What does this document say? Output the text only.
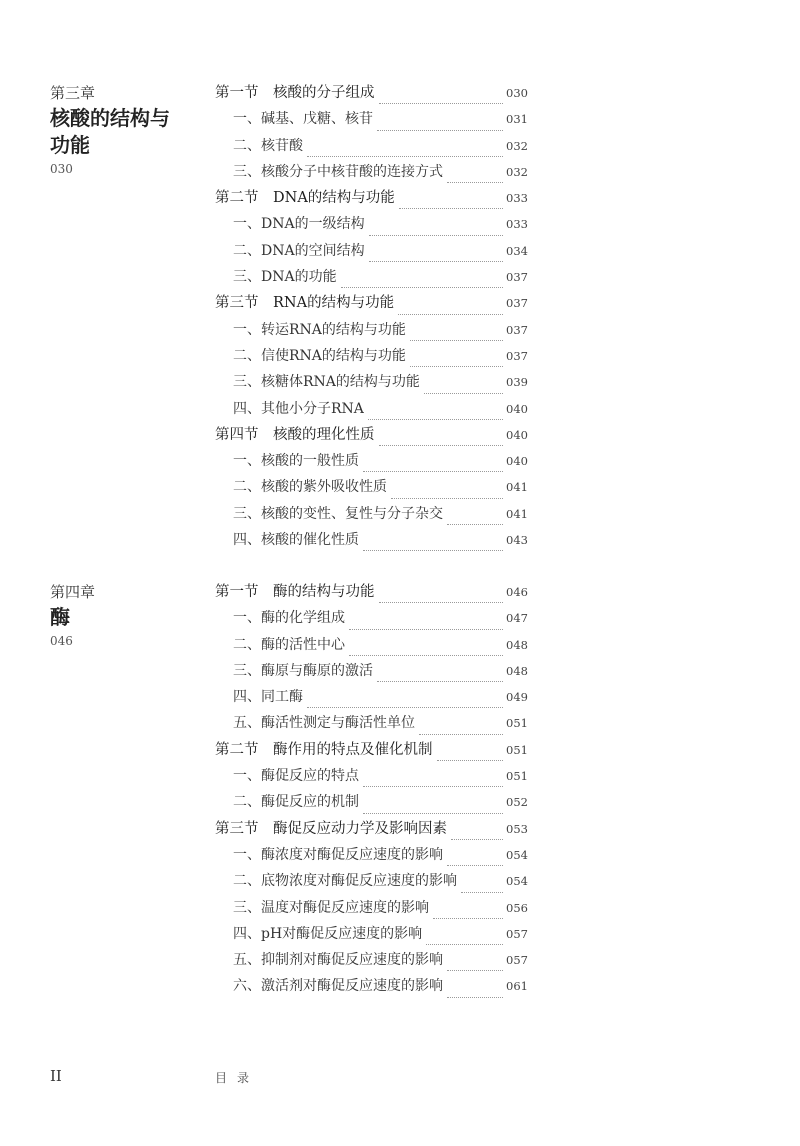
第三章
核酸的结构与
功能
030
第一节　核酸的分子组成	030
一、碱基、戊糖、核苷	031
二、核苷酸	032
三、核酸分子中核苷酸的连接方式	032
第二节　DNA的结构与功能	033
一、DNA的一级结构	033
二、DNA的空间结构	034
三、DNA的功能	037
第三节　RNA的结构与功能	037
一、转运RNA的结构与功能	037
二、信使RNA的结构与功能	037
三、核糖体RNA的结构与功能	039
四、其他小分子RNA	040
第四节　核酸的理化性质	040
一、核酸的一般性质	040
二、核酸的紫外吸收性质	041
三、核酸的变性、复性与分子杂交	041
四、核酸的催化性质	043
第四章
酶
046
第一节　酶的结构与功能	046
一、酶的化学组成	047
二、酶的活性中心	048
三、酶原与酶原的激活	048
四、同工酶	049
五、酶活性测定与酶活性单位	051
第二节　酶作用的特点及催化机制	051
一、酶促反应的特点	051
二、酶促反应的机制	052
第三节　酶促反应动力学及影响因素	053
一、酶浓度对酶促反应速度的影响	054
二、底物浓度对酶促反应速度的影响	054
三、温度对酶促反应速度的影响	056
四、pH对酶促反应速度的影响	057
五、抑制剂对酶促反应速度的影响	057
六、激活剂对酶促反应速度的影响	061
II	目录
